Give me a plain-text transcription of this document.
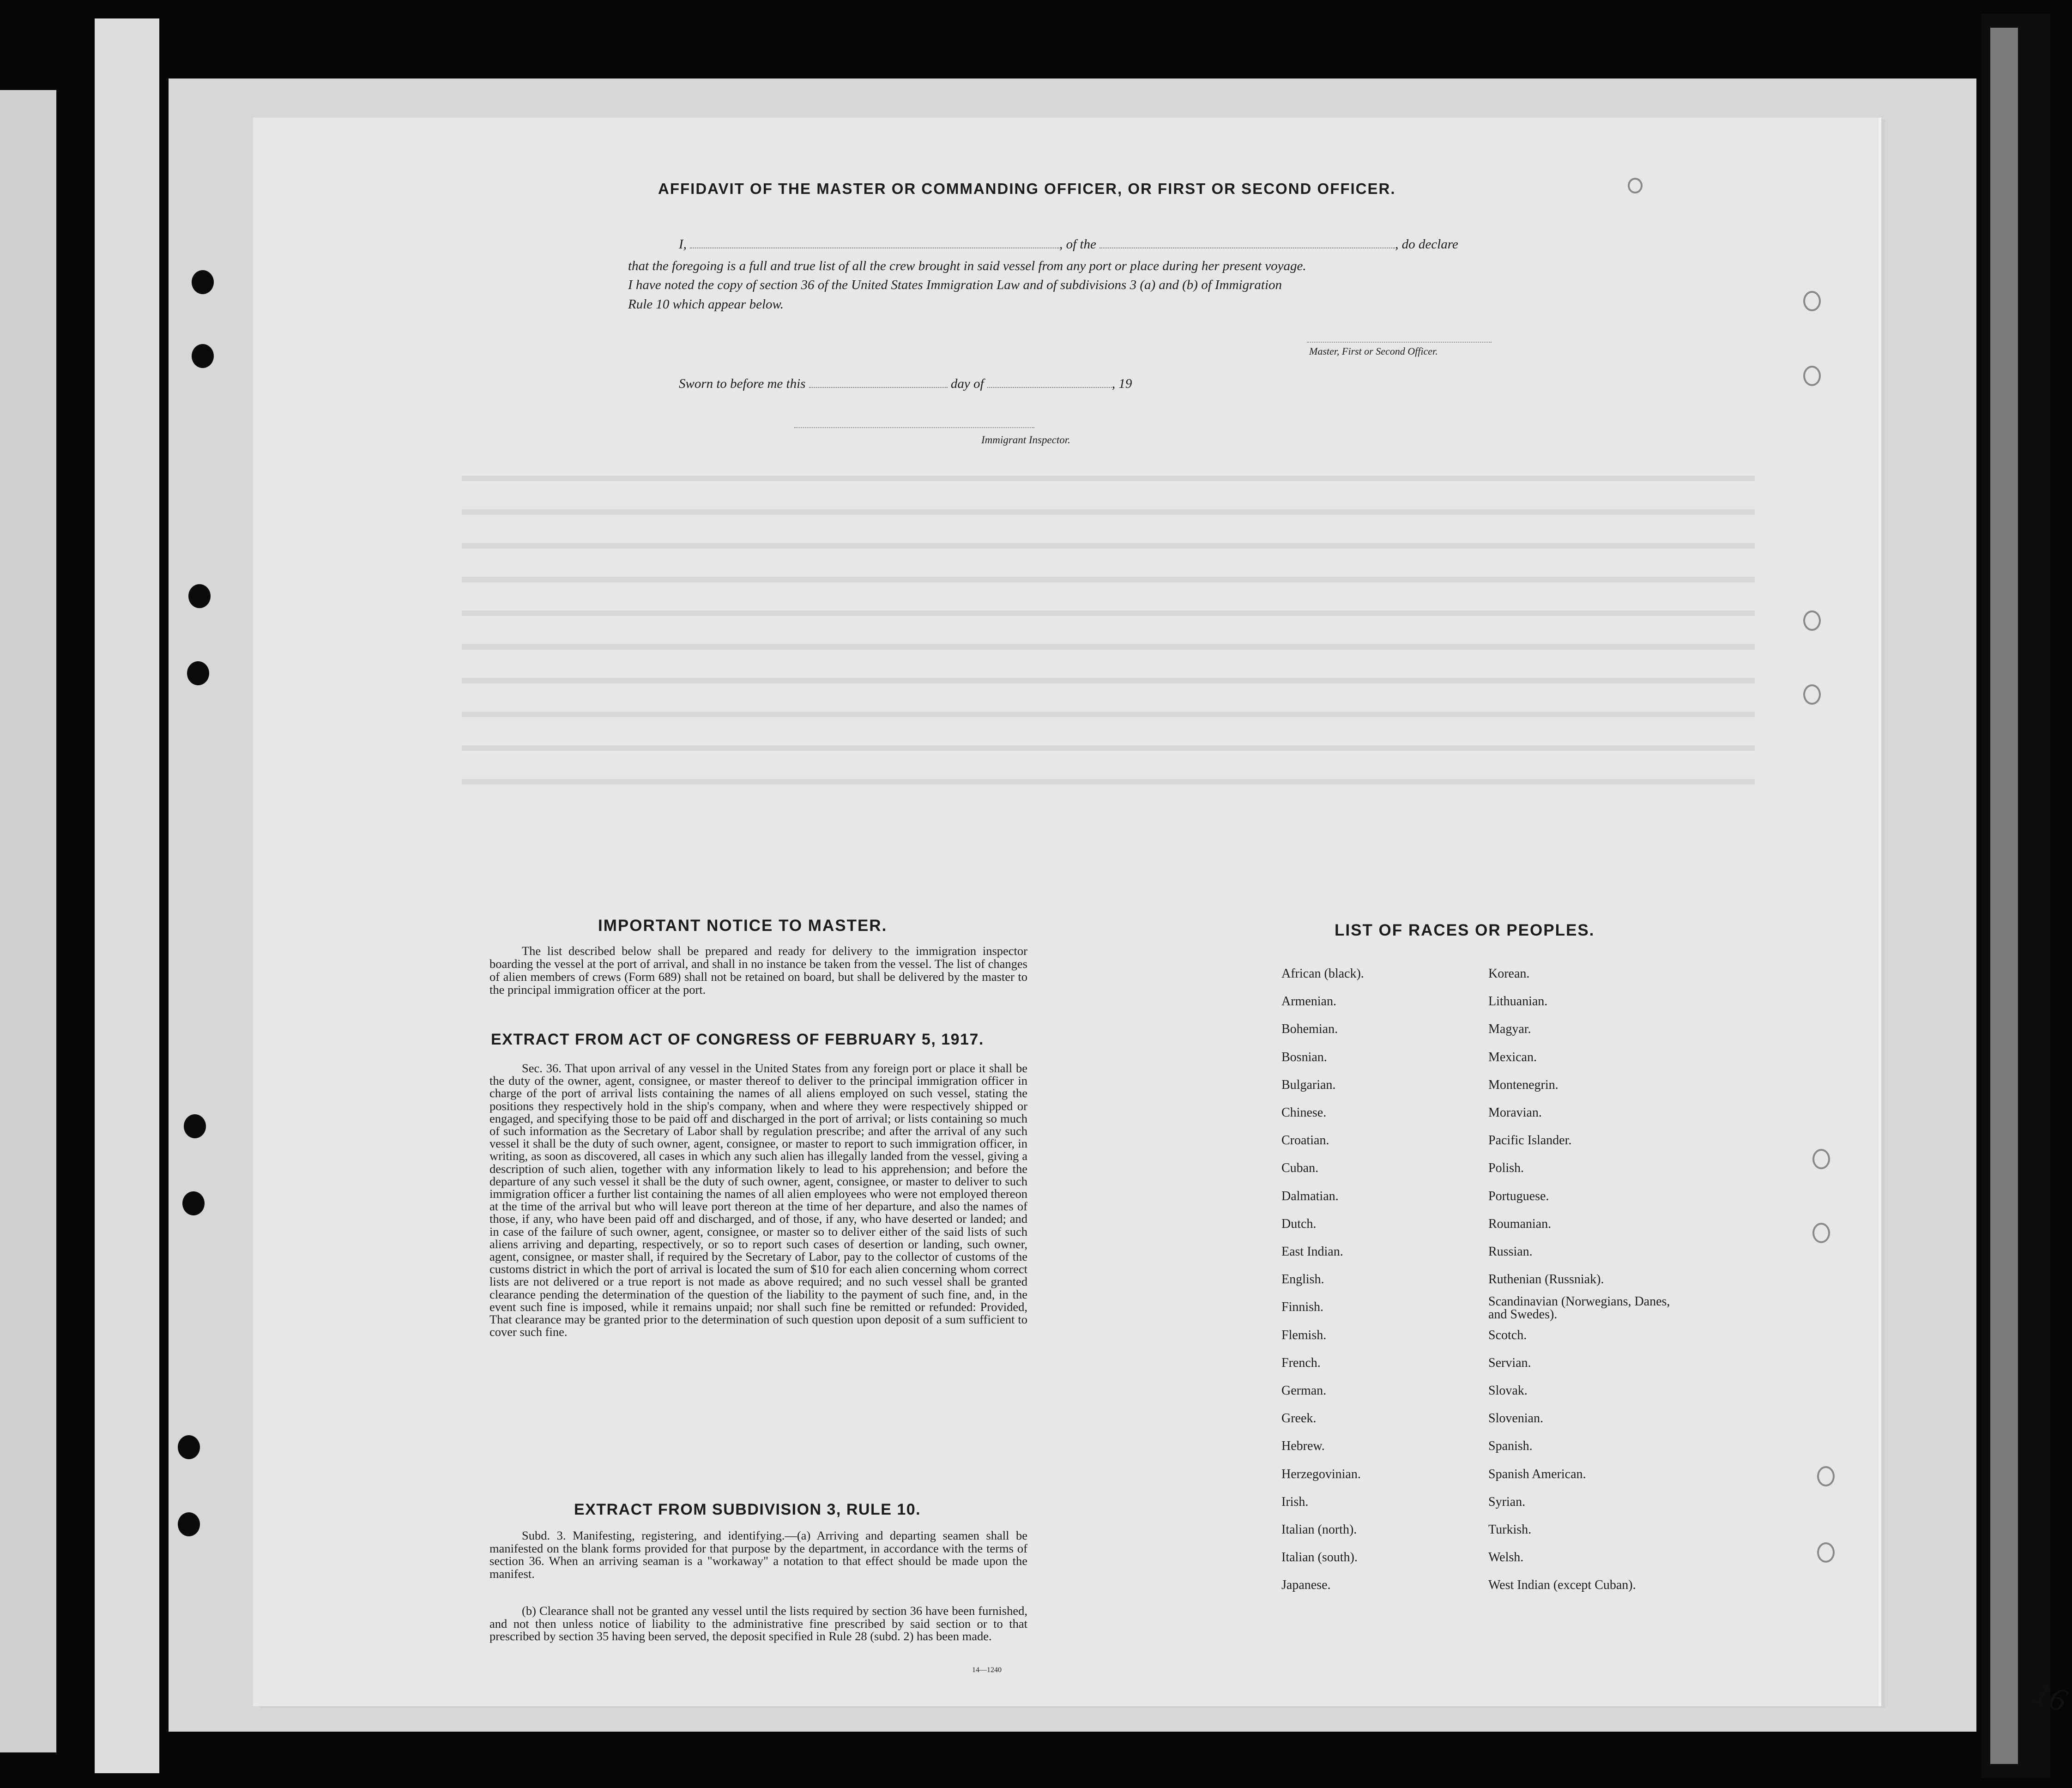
AFFIDAVIT OF THE MASTER OR COMMANDING OFFICER, OR FIRST OR SECOND OFFICER.

I,	, of the	, do declare

that the foregoing is a full and true list of all the crew brought in said vessel from any port or place during her present voyage.

I have noted the copy of section 36 of the United States Immigration Law and of subdivisions 3 (a) and (b) of Immigration

Rule 10 which appear below.

Master, First or Second Officer.

Sworn to before me this	day of	, 19

Immigrant Inspector.

IMPORTANT NOTICE TO MASTER.

The list described below shall be prepared and ready for delivery to the immigration inspector boarding the vessel at the port of arrival, and shall in no instance be taken from the vessel. The list of changes of alien members of crews (Form 689) shall not be retained on board, but shall be delivered by the master to the principal immigration officer at the port.

EXTRACT FROM ACT OF CONGRESS OF FEBRUARY 5, 1917.

Sec. 36. That upon arrival of any vessel in the United States from any foreign port or place it shall be the duty of the owner, agent, consignee, or master thereof to deliver to the principal immigration officer in charge of the port of arrival lists containing the names of all aliens employed on such vessel, stating the positions they respectively hold in the ship's company, when and where they were respectively shipped or engaged, and specifying those to be paid off and discharged in the port of arrival; or lists containing so much of such information as the Secretary of Labor shall by regulation prescribe; and after the arrival of any such vessel it shall be the duty of such owner, agent, consignee, or master to report to such immigration officer, in writing, as soon as discovered, all cases in which any such alien has illegally landed from the vessel, giving a description of such alien, together with any information likely to lead to his apprehension; and before the departure of any such vessel it shall be the duty of such owner, agent, consignee, or master to deliver to such immigration officer a further list containing the names of all alien employees who were not employed thereon at the time of the arrival but who will leave port thereon at the time of her departure, and also the names of those, if any, who have been paid off and discharged, and of those, if any, who have deserted or landed; and in case of the failure of such owner, agent, consignee, or master so to deliver either of the said lists of such aliens arriving and departing, respectively, or so to report such cases of desertion or landing, such owner, agent, consignee, or master shall, if required by the Secretary of Labor, pay to the collector of customs of the customs district in which the port of arrival is located the sum of $10 for each alien concerning whom correct lists are not delivered or a true report is not made as above required; and no such vessel shall be granted clearance pending the determination of the question of the liability to the payment of such fine, and, in the event such fine is imposed, while it remains unpaid; nor shall such fine be remitted or refunded: Provided, That clearance may be granted prior to the determination of such question upon deposit of a sum sufficient to cover such fine.

EXTRACT FROM SUBDIVISION 3, RULE 10.

Subd. 3. Manifesting, registering, and identifying.—(a) Arriving and departing seamen shall be manifested on the blank forms provided for that purpose by the department, in accordance with the terms of section 36. When an arriving seaman is a "workaway" a notation to that effect should be made upon the manifest.

(b) Clearance shall not be granted any vessel until the lists required by section 36 have been furnished, and not then unless notice of liability to the administrative fine prescribed by said section or to that prescribed by section 35 having been served, the deposit specified in Rule 28 (subd. 2) has been made.

14—1240

LIST OF RACES OR PEOPLES.

African (black).
Armenian.
Bohemian.
Bosnian.
Bulgarian.
Chinese.
Croatian.
Cuban.
Dalmatian.
Dutch.
East Indian.
English.
Finnish.
Flemish.
French.
German.
Greek.
Hebrew.
Herzegovinian.
Irish.
Italian (north).
Italian (south).
Japanese.
Korean.
Lithuanian.
Magyar.
Mexican.
Montenegrin.
Moravian.
Pacific Islander.
Polish.
Portuguese.
Roumanian.
Russian.
Ruthenian (Russniak).
Scandinavian (Norwegians, Danes, and Swedes).
Scotch.
Servian.
Slovak.
Slovenian.
Spanish.
Spanish American.
Syrian.
Turkish.
Welsh.
West Indian (except Cuban).

16
